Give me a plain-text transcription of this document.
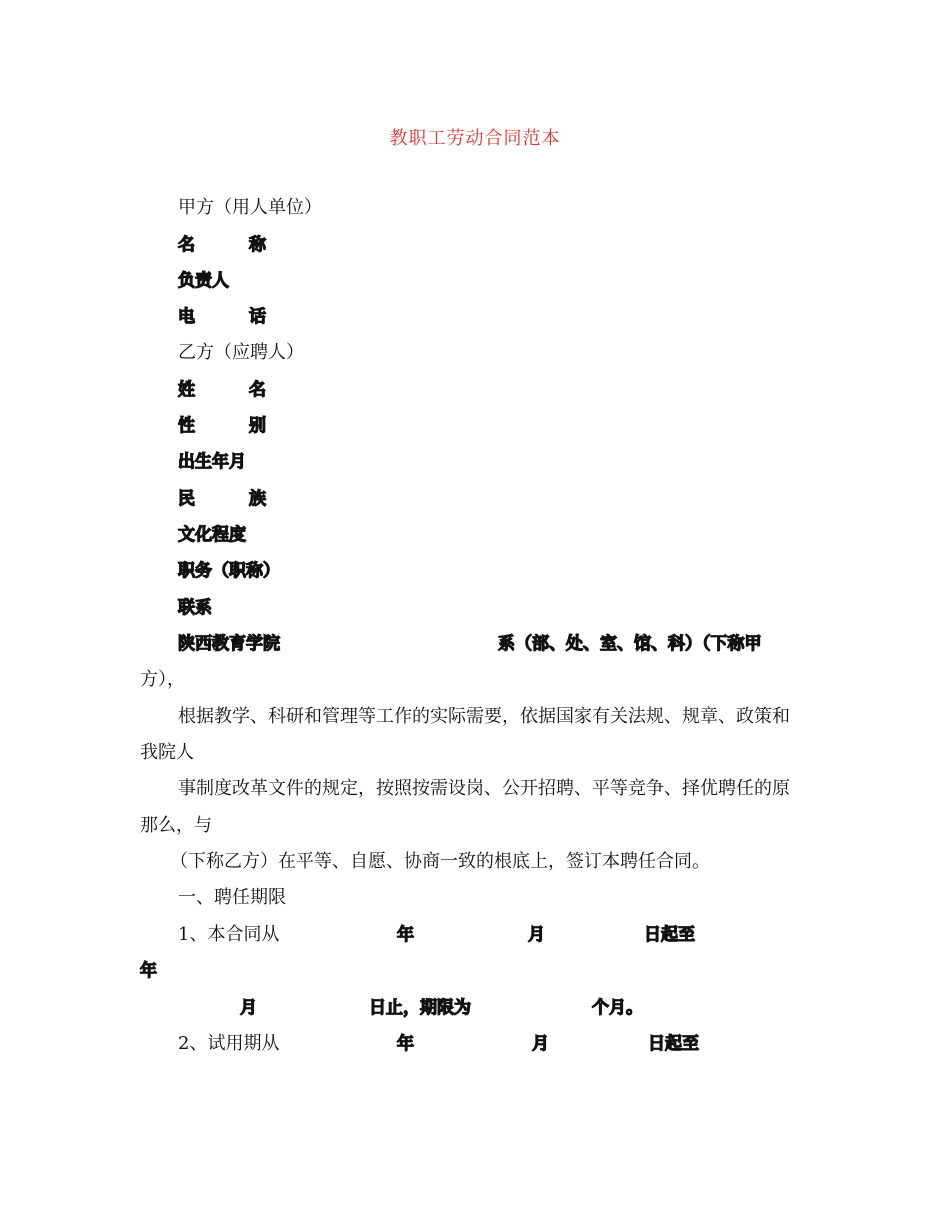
教职工劳动合同范本
甲方（用人单位）
名	称
负责人
电	话
乙方（应聘人）
姓	名
性	别
出生年月
民	族
文化程度
职务（职称）
联系
陕西教育学院	系（部、处、室、馆、科）（下称甲
方），
根据教学、科研和管理等工作的实际需要，依据国家有关法规、规章、政策和
我院人
事制度改革文件的规定，按照按需设岗、公开招聘、平等竞争、择优聘任的原
那么，与
（下称乙方）在平等、自愿、协商一致的根底上，签订本聘任合同。
一、聘任期限
1、本合同从	年	月	日起至
年
月	日止，期限为	个月。
2、试用期从	年	月	日起至
